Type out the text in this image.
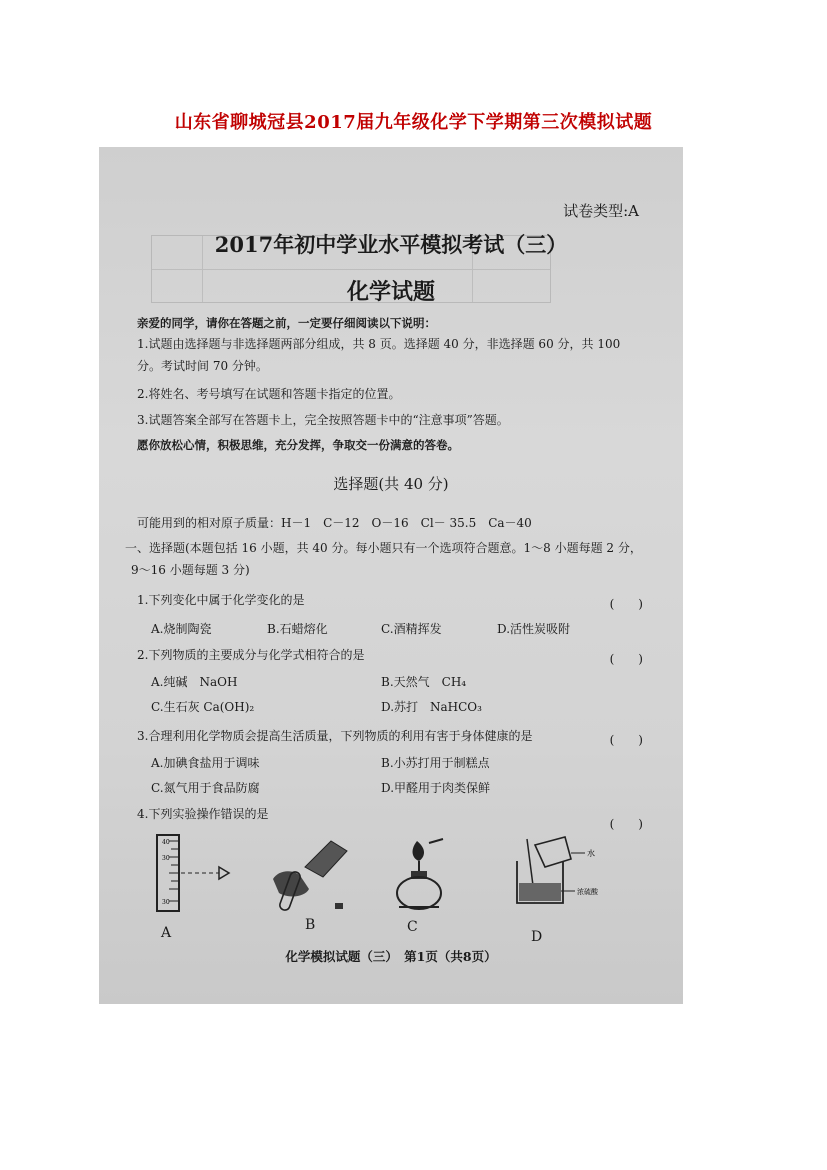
山东省聊城冠县2017届九年级化学下学期第三次模拟试题
试卷类型:A
2017年初中学业水平模拟考试（三）
化学试题
亲爱的同学，请你在答题之前，一定要仔细阅读以下说明：
1.试题由选择题与非选择题两部分组成，共 8 页。选择题 40 分，非选择题 60 分，共 100
分。考试时间 70 分钟。
2.将姓名、考号填写在试题和答题卡指定的位置。
3.试题答案全部写在答题卡上，完全按照答题卡中的“注意事项”答题。
愿你放松心情，积极思维，充分发挥，争取交一份满意的答卷。
选择题(共 40 分)
可能用到的相对原子质量：H－1　C－12　O－16　Cl－ 35.5　Ca－40
一、选择题(本题包括 16 小题，共 40 分。每小题只有一个选项符合题意。1～8 小题每题 2 分，
9～16 小题每题 3 分)
1.下列变化中属于化学变化的是	(　　)
A.烧制陶瓷	B.石蜡熔化	C.酒精挥发	D.活性炭吸附
2.下列物质的主要成分与化学式相符合的是	(　　)
A.纯碱　NaOH	B.天然气　CH₄
C.生石灰 Ca(OH)₂	D.苏打　NaHCO₃
3.合理利用化学物质会提高生活质量，下列物质的利用有害于身体健康的是	(　　)
A.加碘食盐用于调味	B.小苏打用于制糕点
C.氮气用于食品防腐	D.甲醛用于肉类保鲜
4.下列实验操作错误的是
(　　)
40
30
30
A	B	C
水
浓硫酸
D
化学模拟试题（三）　第1页（共8页）
